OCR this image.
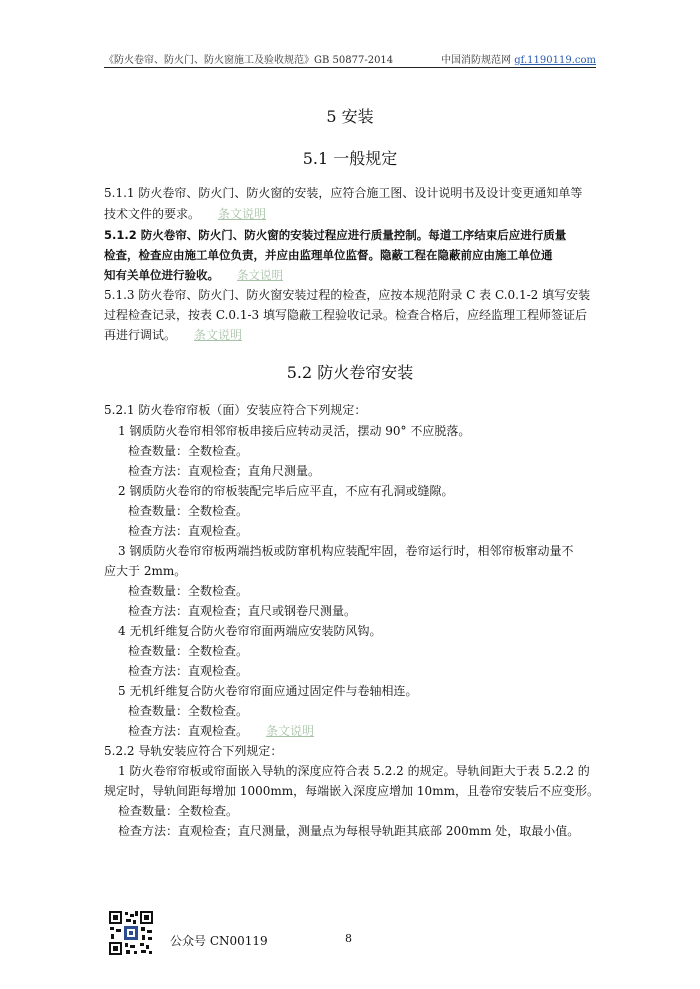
《防火卷帘、防火门、防火窗施工及验收规范》GB 50877-2014	中国消防规范网 gf.1190119.com
5 安装
5.1 一般规定
5.1.1 防火卷帘、防火门、防火窗的安装，应符合施工图、设计说明书及设计变更通知单等
技术文件的要求。 条文说明
5.1.2 防火卷帘、防火门、防火窗的安装过程应进行质量控制。每道工序结束后应进行质量
检查，检查应由施工单位负责，并应由监理单位监督。隐蔽工程在隐蔽前应由施工单位通
知有关单位进行验收。 条文说明
5.1.3 防火卷帘、防火门、防火窗安装过程的检查，应按本规范附录 C 表 C.0.1-2 填写安装
过程检查记录，按表 C.0.1-3 填写隐蔽工程验收记录。检查合格后，应经监理工程师签证后
再进行调试。 条文说明
5.2 防火卷帘安装
5.2.1 防火卷帘帘板（面）安装应符合下列规定：
1 钢质防火卷帘相邻帘板串接后应转动灵活，摆动 90° 不应脱落。
检查数量：全数检查。
检查方法：直观检查；直角尺测量。
2 钢质防火卷帘的帘板装配完毕后应平直，不应有孔洞或缝隙。
检查数量：全数检查。
检查方法：直观检查。
3 钢质防火卷帘帘板两端挡板或防窜机构应装配牢固，卷帘运行时，相邻帘板窜动量不
应大于 2mm。
检查数量：全数检查。
检查方法：直观检查；直尺或钢卷尺测量。
4 无机纤维复合防火卷帘帘面两端应安装防风钩。
检查数量：全数检查。
检查方法：直观检查。
5 无机纤维复合防火卷帘帘面应通过固定件与卷轴相连。
检查数量：全数检查。
检查方法：直观检查。 条文说明
5.2.2 导轨安装应符合下列规定：
1 防火卷帘帘板或帘面嵌入导轨的深度应符合表 5.2.2 的规定。导轨间距大于表 5.2.2 的
规定时，导轨间距每增加 1000mm，每端嵌入深度应增加 10mm，且卷帘安装后不应变形。
检查数量：全数检查。
检查方法：直观检查；直尺测量，测量点为每根导轨距其底部 200mm 处，取最小值。
公众号 CN00119	8
